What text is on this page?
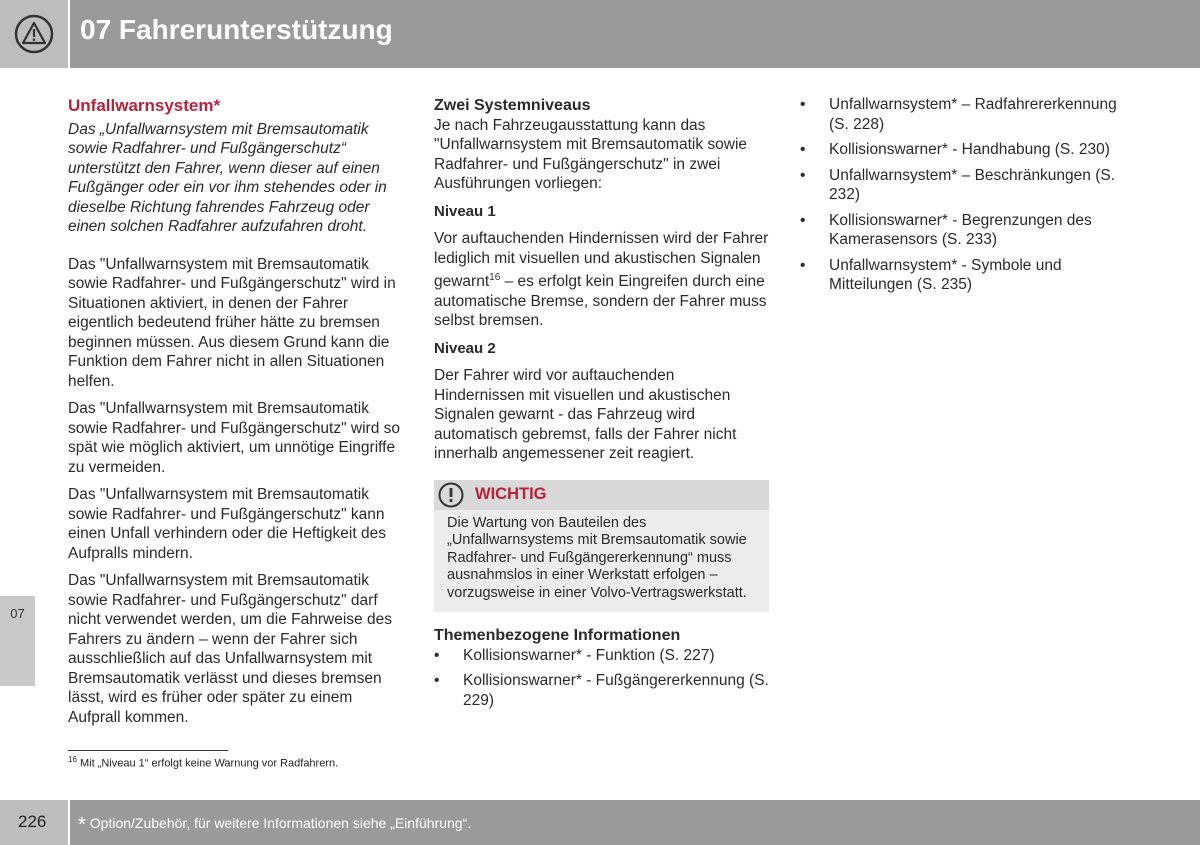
07 Fahrerunterstützung
07
Unfallwarnsystem*
Das „Unfallwarnsystem mit Bremsautomatik sowie Radfahrer- und Fußgängerschutz“ unterstützt den Fahrer, wenn dieser auf einen Fußgänger oder ein vor ihm stehendes oder in dieselbe Richtung fahrendes Fahrzeug oder einen solchen Radfahrer aufzufahren droht.

Das "Unfallwarnsystem mit Bremsautomatik sowie Radfahrer- und Fußgängerschutz" wird in Situationen aktiviert, in denen der Fahrer eigentlich bedeutend früher hätte zu bremsen beginnen müssen. Aus diesem Grund kann die Funktion dem Fahrer nicht in allen Situationen helfen.

Das "Unfallwarnsystem mit Bremsautomatik sowie Radfahrer- und Fußgängerschutz" wird so spät wie möglich aktiviert, um unnötige Eingriffe zu vermeiden.

Das "Unfallwarnsystem mit Bremsautomatik sowie Radfahrer- und Fußgängerschutz" kann einen Unfall verhindern oder die Heftigkeit des Aufpralls mindern.

Das "Unfallwarnsystem mit Bremsautomatik sowie Radfahrer- und Fußgängerschutz" darf nicht verwendet werden, um die Fahrweise des Fahrers zu ändern – wenn der Fahrer sich ausschließlich auf das Unfallwarnsystem mit Bremsautomatik verlässt und dieses bremsen lässt, wird es früher oder später zu einem Aufprall kommen.

Zwei Systemniveaus

Je nach Fahrzeugausstattung kann das "Unfallwarnsystem mit Bremsautomatik sowie Radfahrer- und Fußgängerschutz" in zwei Ausführungen vorliegen:

Niveau 1

Vor auftauchenden Hindernissen wird der Fahrer lediglich mit visuellen und akustischen Signalen gewarnt$^{16}$ – es erfolgt kein Eingreifen durch eine automatische Bremse, sondern der Fahrer muss selbst bremsen.

Niveau 2

Der Fahrer wird vor auftauchenden Hindernissen mit visuellen und akustischen Signalen gewarnt - das Fahrzeug wird automatisch gebremst, falls der Fahrer nicht innerhalb angemessener zeit reagiert.

WICHTIG
Die Wartung von Bauteilen des „Unfallwarnsystems mit Bremsautomatik sowie Radfahrer- und Fußgängererkennung“ muss ausnahmslos in einer Werkstatt erfolgen – vorzugsweise in einer Volvo-Vertragswerkstatt.
Themenbezogene Informationen
• Kollisionswarner* - Funktion (S. 227)
• Kollisionswarner* - Fußgängererkennung (S. 229)
• Unfallwarnsystem* – Radfahrererkennung (S. 228)
• Kollisionswarner* - Handhabung (S. 230)
• Unfallwarnsystem* – Beschränkungen (S. 232)
• Kollisionswarner* - Begrenzungen des Kamerasensors (S. 233)
• Unfallwarnsystem* - Symbole und Mitteilungen (S. 235)
$^{16}$ Mit „Niveau 1“ erfolgt keine Warnung vor Radfahrern.
226 * Option/Zubehör, für weitere Informationen siehe „Einführung“.
